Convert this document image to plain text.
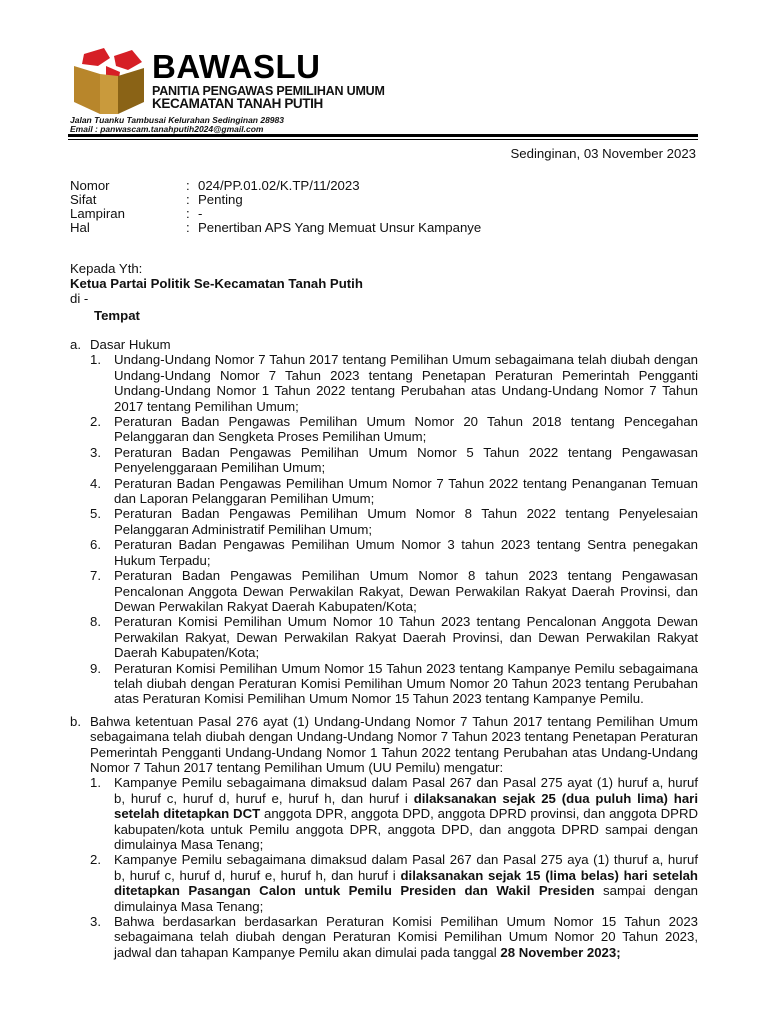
BAWASLU
PANITIA PENGAWAS PEMILIHAN UMUM
KECAMATAN TANAH PUTIH
Jalan Tuanku Tambusai Kelurahan Sedinginan 28983
Email : panwascam.tanahputih2024@gmail.com
Sedinginan, 03 November 2023
Nomor	: 024/PP.01.02/K.TP/11/2023
Sifat	: Penting
Lampiran	: -
Hal	: Penertiban APS Yang Memuat Unsur Kampanye
Kepada Yth:
Ketua Partai Politik Se-Kecamatan Tanah Putih
di -
Tempat
a. Dasar Hukum
1. Undang-Undang Nomor 7 Tahun 2017 tentang Pemilihan Umum sebagaimana telah diubah dengan Undang-Undang Nomor 7 Tahun 2023 tentang Penetapan Peraturan Pemerintah Pengganti Undang-Undang Nomor 1 Tahun 2022 tentang Perubahan atas Undang-Undang Nomor 7 Tahun 2017 tentang Pemilihan Umum;
2. Peraturan Badan Pengawas Pemilihan Umum Nomor 20 Tahun 2018 tentang Pencegahan Pelanggaran dan Sengketa Proses Pemilihan Umum;
3. Peraturan Badan Pengawas Pemilihan Umum Nomor 5 Tahun 2022 tentang Pengawasan Penyelenggaraan Pemilihan Umum;
4. Peraturan Badan Pengawas Pemilihan Umum Nomor 7 Tahun 2022 tentang Penanganan Temuan dan Laporan Pelanggaran Pemilihan Umum;
5. Peraturan Badan Pengawas Pemilihan Umum Nomor 8 Tahun 2022 tentang Penyelesaian Pelanggaran Administratif Pemilihan Umum;
6. Peraturan Badan Pengawas Pemilihan Umum Nomor 3 tahun 2023 tentang Sentra penegakan Hukum Terpadu;
7. Peraturan Badan Pengawas Pemilihan Umum Nomor 8 tahun 2023 tentang Pengawasan Pencalonan Anggota Dewan Perwakilan Rakyat, Dewan Perwakilan Rakyat Daerah Provinsi, dan Dewan Perwakilan Rakyat Daerah Kabupaten/Kota;
8. Peraturan Komisi Pemilihan Umum Nomor 10 Tahun 2023 tentang Pencalonan Anggota Dewan Perwakilan Rakyat, Dewan Perwakilan Rakyat Daerah Provinsi, dan Dewan Perwakilan Rakyat Daerah Kabupaten/Kota;
9. Peraturan Komisi Pemilihan Umum Nomor 15 Tahun 2023 tentang Kampanye Pemilu sebagaimana telah diubah dengan Peraturan Komisi Pemilihan Umum Nomor 20 Tahun 2023 tentang Perubahan atas Peraturan Komisi Pemilihan Umum Nomor 15 Tahun 2023 tentang Kampanye Pemilu.
b. Bahwa ketentuan Pasal 276 ayat (1) Undang-Undang Nomor 7 Tahun 2017 tentang Pemilihan Umum sebagaimana telah diubah dengan Undang-Undang Nomor 7 Tahun 2023 tentang Penetapan Peraturan Pemerintah Pengganti Undang-Undang Nomor 1 Tahun 2022 tentang Perubahan atas Undang-Undang Nomor 7 Tahun 2017 tentang Pemilihan Umum (UU Pemilu) mengatur:
1. Kampanye Pemilu sebagaimana dimaksud dalam Pasal 267 dan Pasal 275 ayat (1) huruf a, huruf b, huruf c, huruf d, huruf e, huruf h, dan huruf i dilaksanakan sejak 25 (dua puluh lima) hari setelah ditetapkan DCT anggota DPR, anggota DPD, anggota DPRD provinsi, dan anggota DPRD kabupaten/kota untuk Pemilu anggota DPR, anggota DPD, dan anggota DPRD sampai dengan dimulainya Masa Tenang;
2. Kampanye Pemilu sebagaimana dimaksud dalam Pasal 267 dan Pasal 275 aya (1) thuruf a, huruf b, huruf c, huruf d, huruf e, huruf h, dan huruf i dilaksanakan sejak 15 (lima belas) hari setelah ditetapkan Pasangan Calon untuk Pemilu Presiden dan Wakil Presiden sampai dengan dimulainya Masa Tenang;
3. Bahwa berdasarkan berdasarkan Peraturan Komisi Pemilihan Umum Nomor 15 Tahun 2023 sebagaimana telah diubah dengan Peraturan Komisi Pemilihan Umum Nomor 20 Tahun 2023, jadwal dan tahapan Kampanye Pemilu akan dimulai pada tanggal 28 November 2023;
